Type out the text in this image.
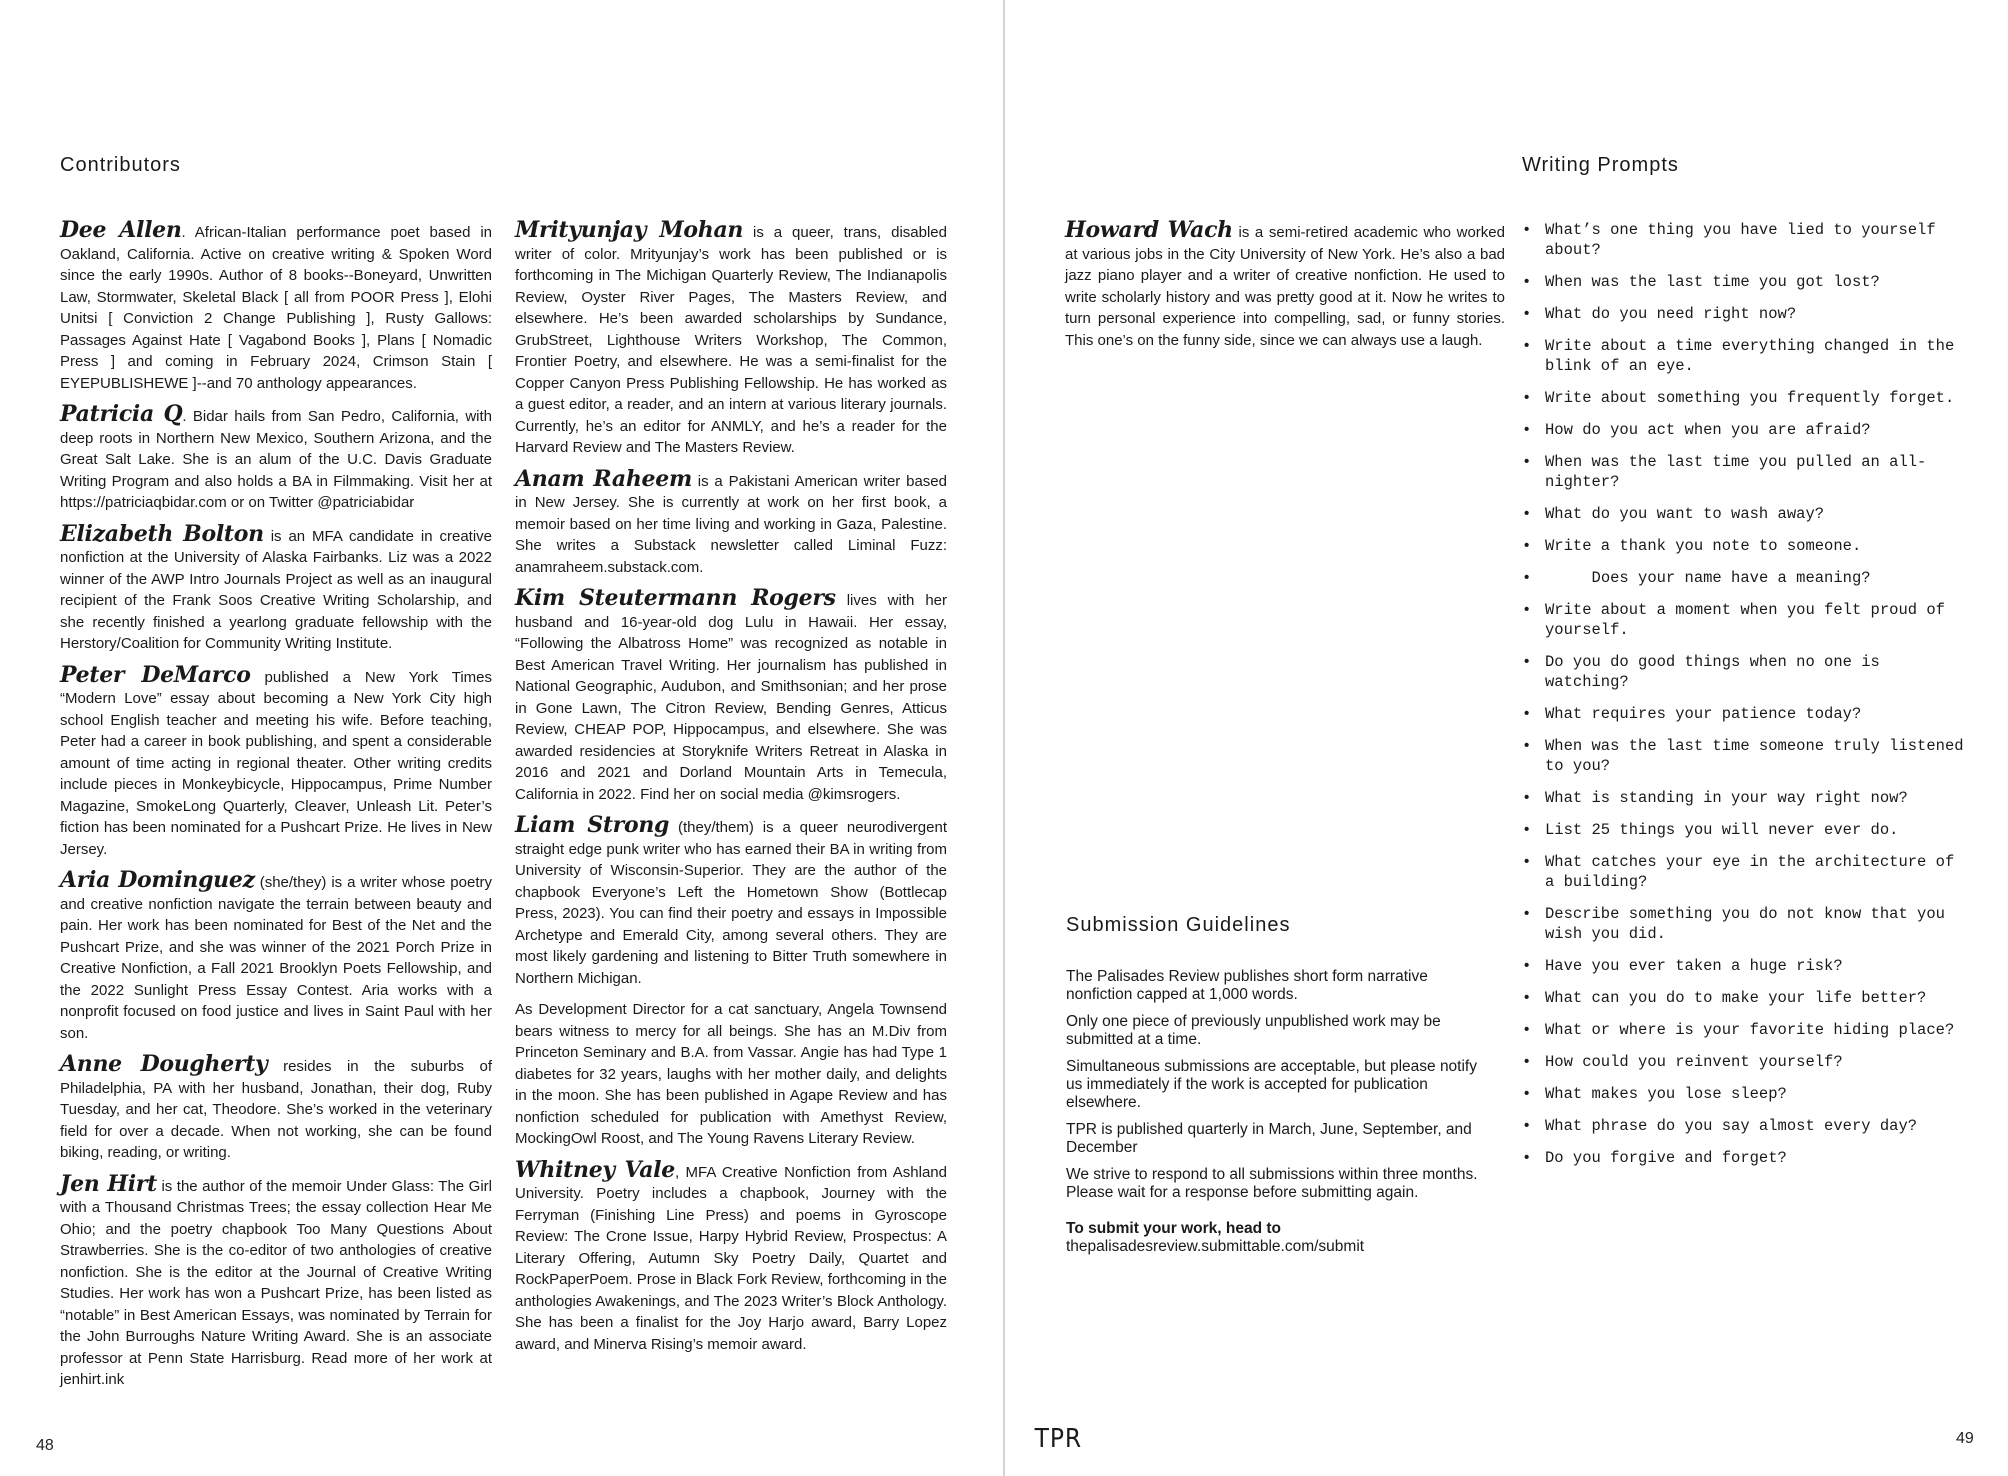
Contributors

Dee Allen. African-Italian performance poet based in Oakland, California. Active on creative writing & Spoken Word since the early 1990s. Author of 8 books--Boneyard, Unwritten Law, Stormwater, Skeletal Black [ all from POOR Press ], Elohi Unitsi [ Conviction 2 Change Publishing ], Rusty Gallows: Passages Against Hate [ Vagabond Books ], Plans [ Nomadic Press ] and coming in February 2024, Crimson Stain [ EYEPUBLISHEWE ]--and 70 anthology appearances.

Patricia Q. Bidar hails from San Pedro, California, with deep roots in Northern New Mexico, Southern Arizona, and the Great Salt Lake. She is an alum of the U.C. Davis Graduate Writing Program and also holds a BA in Filmmaking. Visit her at https://patriciaqbidar.com or on Twitter @patriciabidar

Elizabeth Bolton is an MFA candidate in creative nonfiction at the University of Alaska Fairbanks. Liz was a 2022 winner of the AWP Intro Journals Project as well as an inaugural recipient of the Frank Soos Creative Writing Scholarship, and she recently finished a yearlong graduate fellowship with the Herstory/Coalition for Community Writing Institute.

Peter DeMarco published a New York Times “Modern Love” essay about becoming a New York City high school English teacher and meeting his wife. Before teaching, Peter had a career in book publishing, and spent a considerable amount of time acting in regional theater. Other writing credits include pieces in Monkeybicycle, Hippocampus, Prime Number Magazine, SmokeLong Quarterly, Cleaver, Unleash Lit. Peter’s fiction has been nominated for a Pushcart Prize. He lives in New Jersey.

Aria Dominguez (she/they) is a writer whose poetry and creative nonfiction navigate the terrain between beauty and pain. Her work has been nominated for Best of the Net and the Pushcart Prize, and she was winner of the 2021 Porch Prize in Creative Nonfiction, a Fall 2021 Brooklyn Poets Fellowship, and the 2022 Sunlight Press Essay Contest. Aria works with a nonprofit focused on food justice and lives in Saint Paul with her son.

Anne Dougherty resides in the suburbs of Philadelphia, PA with her husband, Jonathan, their dog, Ruby Tuesday, and her cat, Theodore. She’s worked in the veterinary field for over a decade. When not working, she can be found biking, reading, or writing.

Jen Hirt is the author of the memoir Under Glass: The Girl with a Thousand Christmas Trees; the essay collection Hear Me Ohio; and the poetry chapbook Too Many Questions About Strawberries. She is the co-editor of two anthologies of creative nonfiction. She is the editor at the Journal of Creative Writing Studies. Her work has won a Pushcart Prize, has been listed as “notable” in Best American Essays, was nominated by Terrain for the John Burroughs Nature Writing Award. She is an associate professor at Penn State Harrisburg. Read more of her work at jenhirt.ink

Mrityunjay Mohan is a queer, trans, disabled writer of color. Mrityunjay’s work has been published or is forthcoming in The Michigan Quarterly Review, The Indianapolis Review, Oyster River Pages, The Masters Review, and elsewhere. He’s been awarded scholarships by Sundance, GrubStreet, Lighthouse Writers Workshop, The Common, Frontier Poetry, and elsewhere. He was a semi-finalist for the Copper Canyon Press Publishing Fellowship. He has worked as a guest editor, a reader, and an intern at various literary journals. Currently, he’s an editor for ANMLY, and he’s a reader for the Harvard Review and The Masters Review.

Anam Raheem is a Pakistani American writer based in New Jersey. She is currently at work on her first book, a memoir based on her time living and working in Gaza, Palestine. She writes a Substack newsletter called Liminal Fuzz: anamraheem.substack.com.

Kim Steutermann Rogers lives with her husband and 16-year-old dog Lulu in Hawaii. Her essay, “Following the Albatross Home” was recognized as notable in Best American Travel Writing. Her journalism has published in National Geographic, Audubon, and Smithsonian; and her prose in Gone Lawn, The Citron Review, Bending Genres, Atticus Review, CHEAP POP, Hippocampus, and elsewhere. She was awarded residencies at Storyknife Writers Retreat in Alaska in 2016 and 2021 and Dorland Mountain Arts in Temecula, California in 2022. Find her on social media @kimsrogers.

Liam Strong (they/them) is a queer neurodivergent straight edge punk writer who has earned their BA in writing from University of Wisconsin-Superior. They are the author of the chapbook Everyone’s Left the Hometown Show (Bottlecap Press, 2023). You can find their poetry and essays in Impossible Archetype and Emerald City, among several others. They are most likely gardening and listening to Bitter Truth somewhere in Northern Michigan.

As Development Director for a cat sanctuary, Angela Townsend bears witness to mercy for all beings. She has an M.Div from Princeton Seminary and B.A. from Vassar. Angie has had Type 1 diabetes for 32 years, laughs with her mother daily, and delights in the moon. She has been published in Agape Review and has nonfiction scheduled for publication with Amethyst Review, MockingOwl Roost, and The Young Ravens Literary Review.

Whitney Vale, MFA Creative Nonfiction from Ashland University. Poetry includes a chapbook, Journey with the Ferryman (Finishing Line Press) and poems in Gyroscope Review: The Crone Issue, Harpy Hybrid Review, Prospectus: A Literary Offering, Autumn Sky Poetry Daily, Quartet and RockPaperPoem. Prose in Black Fork Review, forthcoming in the anthologies Awakenings, and The 2023 Writer’s Block Anthology. She has been a finalist for the Joy Harjo award, Barry Lopez award, and Minerva Rising’s memoir award.

48

Howard Wach is a semi-retired academic who worked at various jobs in the City University of New York. He’s also a bad jazz piano player and a writer of creative nonfiction. He used to write scholarly history and was pretty good at it. Now he writes to turn personal experience into compelling, sad, or funny stories. This one’s on the funny side, since we can always use a laugh.

Submission Guidelines

The Palisades Review publishes short form narrative nonfiction capped at 1,000 words.

Only one piece of previously unpublished work may be submitted at a time.

Simultaneous submissions are acceptable, but please notify us immediately if the work is accepted for publication elsewhere.

TPR is published quarterly in March, June, September, and December

We strive to respond to all submissions within three months. Please wait for a response before submitting again.

To submit your work, head to

thepalisadesreview.submittable.com/submit

Writing Prompts
• What’s one thing you have lied to yourself about?
• When was the last time you got lost?
• What do you need right now?
• Write about a time everything changed in the blink of an eye.
• Write about something you frequently forget.
• How do you act when you are afraid?
• When was the last time you pulled an all-nighter?
• What do you want to wash away?
• Write a thank you note to someone.
•      Does your name have a meaning?
• Write about a moment when you felt proud of yourself.
• Do you do good things when no one is watching?
• What requires your patience today?
• When was the last time someone truly listened to you?
• What is standing in your way right now?
• List 25 things you will never ever do.
• What catches your eye in the architecture of a building?
• Describe something you do not know that you wish you did.
• Have you ever taken a huge risk?
• What can you do to make your life better?
• What or where is your favorite hiding place?
• How could you reinvent yourself?
• What makes you lose sleep?
• What phrase do you say almost every day?
• Do you forgive and forget?
TPR	49
